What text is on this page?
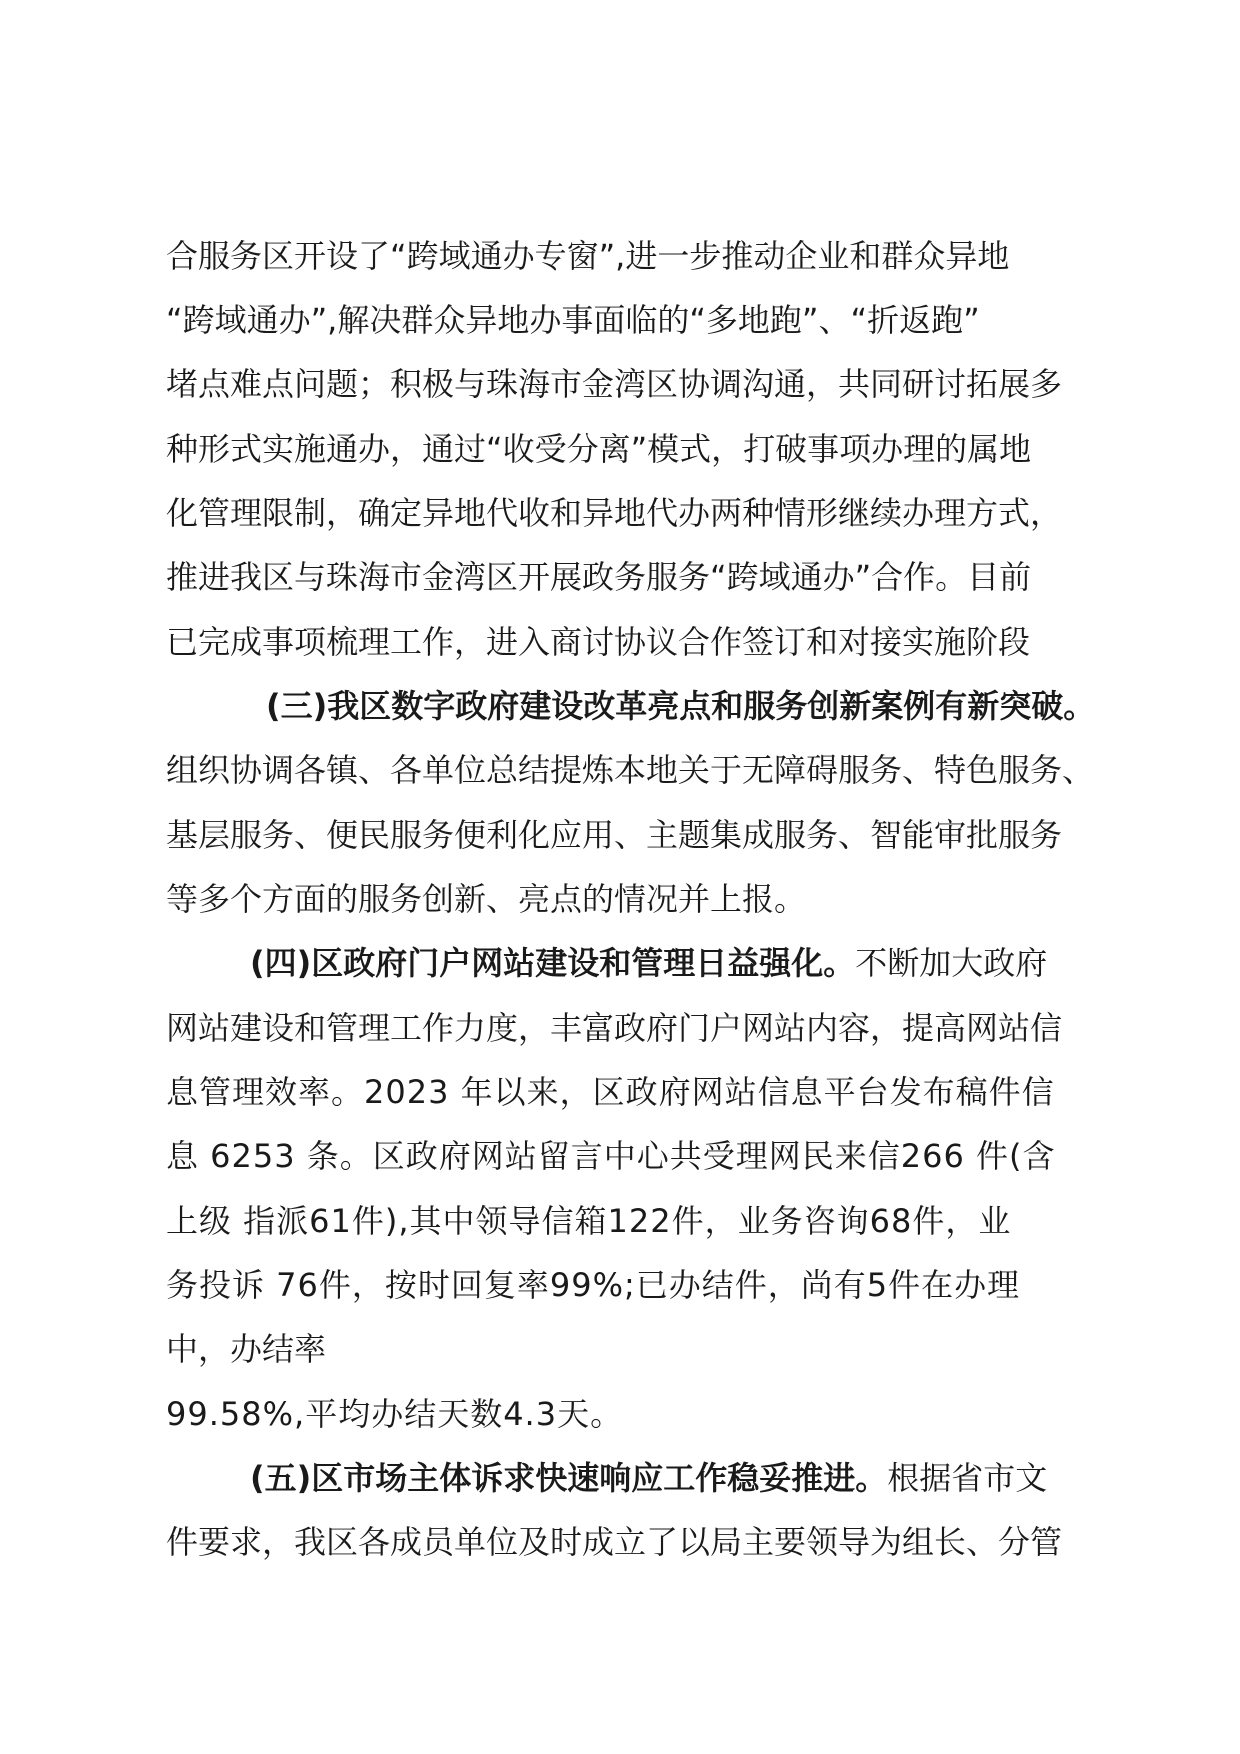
合服务区开设了“跨域通办专窗”,进一步推动企业和群众异地
“跨域通办”,解决群众异地办事面临的“多地跑”、“折返跑”
堵点难点问题；积极与珠海市金湾区协调沟通，共同研讨拓展多
种形式实施通办，通过“收受分离”模式，打破事项办理的属地
化管理限制，确定异地代收和异地代办两种情形继续办理方式，
推进我区与珠海市金湾区开展政务服务“跨域通办”合作。目前
已完成事项梳理工作，进入商讨协议合作签订和对接实施阶段
(三)我区数字政府建设改革亮点和服务创新案例有新突破。
组织协调各镇、各单位总结提炼本地关于无障碍服务、特色服务、
基层服务、便民服务便利化应用、主题集成服务、智能审批服务
等多个方面的服务创新、亮点的情况并上报。
(四)区政府门户网站建设和管理日益强化。不断加大政府
网站建设和管理工作力度，丰富政府门户网站内容，提高网站信
息管理效率。2023 年以来，区政府网站信息平台发布稿件信
息 6253 条。区政府网站留言中心共受理网民来信266 件(含
上级 指派61件),其中领导信箱122件，业务咨询68件，业
务投诉 76件，按时回复率99%;已办结件，尚有5件在办理
中，办结率
99.58%,平均办结天数4.3天。
(五)区市场主体诉求快速响应工作稳妥推进。根据省市文
件要求，我区各成员单位及时成立了以局主要领导为组长、分管
